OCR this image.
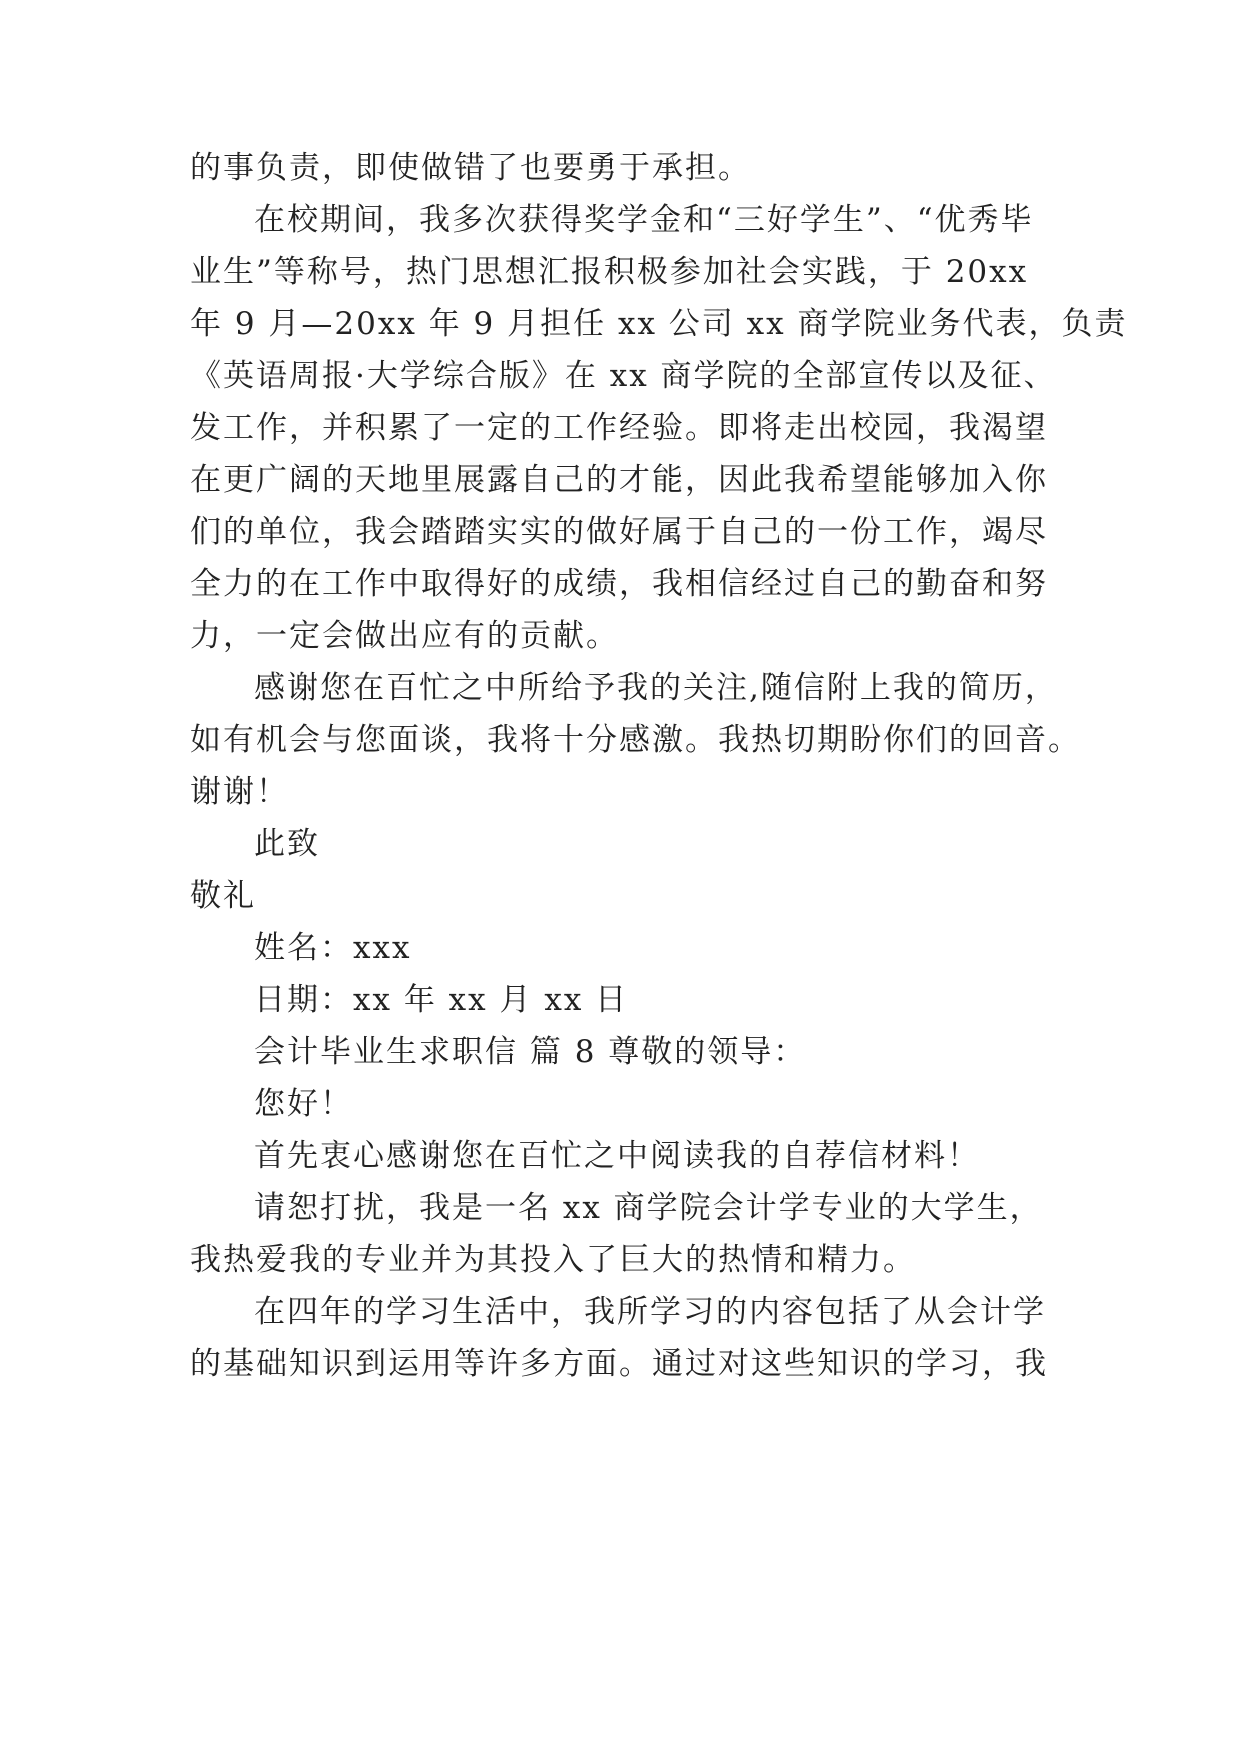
的事负责，即使做错了也要勇于承担。
在校期间，我多次获得奖学金和“三好学生”、“优秀毕
业生”等称号，热门思想汇报积极参加社会实践，于 20xx
年 9 月—20xx 年 9 月担任 xx 公司 xx 商学院业务代表，负责
《英语周报·大学综合版》在 xx 商学院的全部宣传以及征、
发工作，并积累了一定的工作经验。即将走出校园，我渴望
在更广阔的天地里展露自己的才能，因此我希望能够加入你
们的单位，我会踏踏实实的做好属于自己的一份工作，竭尽
全力的在工作中取得好的成绩，我相信经过自己的勤奋和努
力，一定会做出应有的贡献。
感谢您在百忙之中所给予我的关注,随信附上我的简历，
如有机会与您面谈，我将十分感激。我热切期盼你们的回音。
谢谢！
此致
敬礼
姓名：xxx
日期：xx 年 xx 月 xx 日
会计毕业生求职信 篇 8 尊敬的领导：
您好！
首先衷心感谢您在百忙之中阅读我的自荐信材料！
请恕打扰，我是一名 xx 商学院会计学专业的大学生，
我热爱我的专业并为其投入了巨大的热情和精力。
在四年的学习生活中，我所学习的内容包括了从会计学
的基础知识到运用等许多方面。通过对这些知识的学习，我
